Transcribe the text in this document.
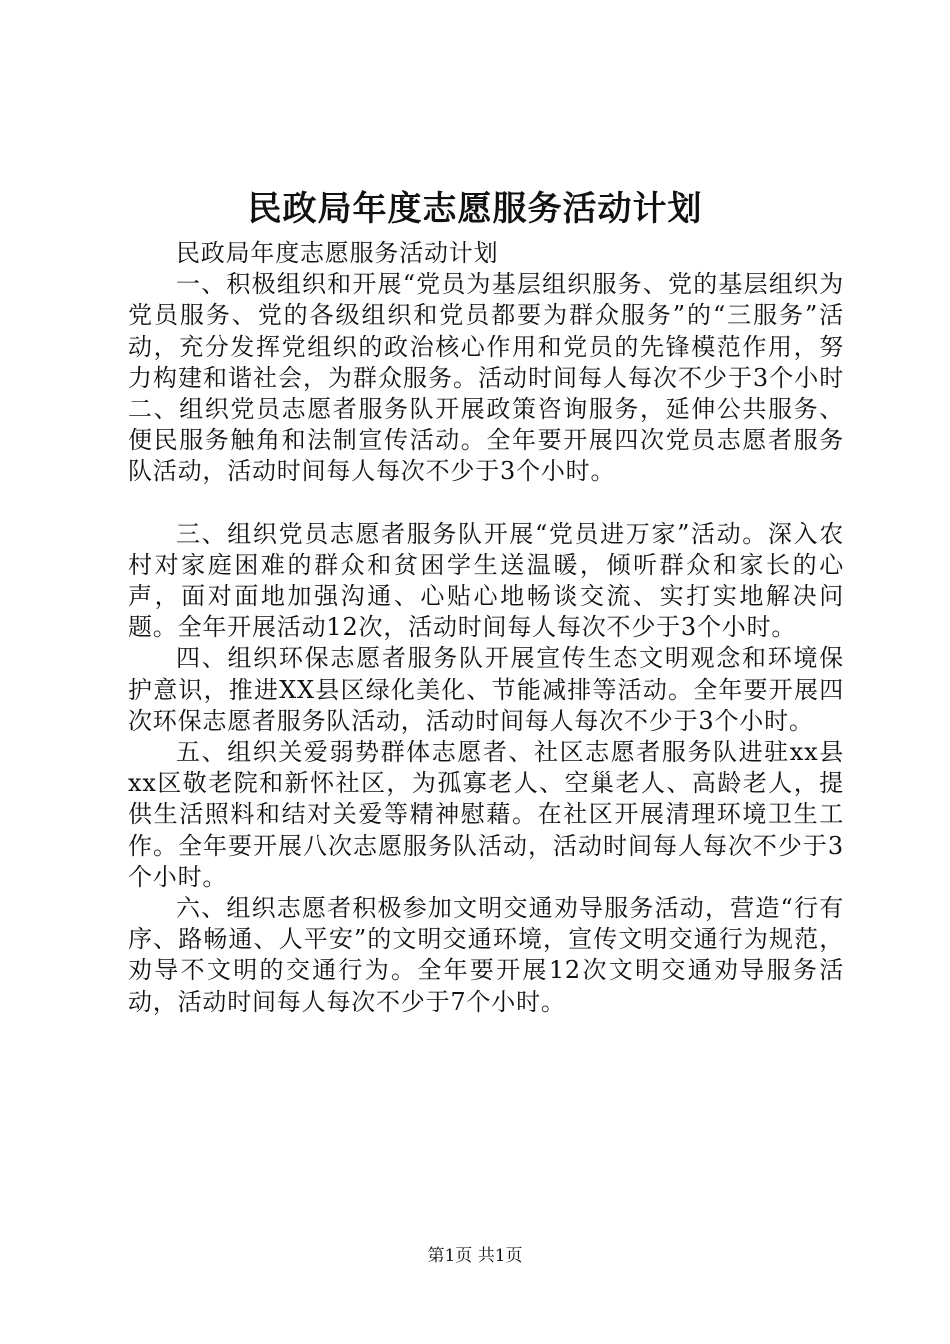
民政局年度志愿服务活动计划

民政局年度志愿服务活动计划

一、积极组织和开展“党员为基层组织服务、党的基层组织为党员服务、党的各级组织和党员都要为群众服务”的“三服务”活动，充分发挥党组织的政治核心作用和党员的先锋模范作用，努力构建和谐社会，为群众服务。活动时间每人每次不少于3个小时二、组织党员志愿者服务队开展政策咨询服务，延伸公共服务、便民服务触角和法制宣传活动。全年要开展四次党员志愿者服务队活动，活动时间每人每次不少于3个小时。

三、组织党员志愿者服务队开展“党员进万家”活动。深入农村对家庭困难的群众和贫困学生送温暖，倾听群众和家长的心声，面对面地加强沟通、心贴心地畅谈交流、实打实地解决问题。全年开展活动12次，活动时间每人每次不少于3个小时。

四、组织环保志愿者服务队开展宣传生态文明观念和环境保护意识，推进XX县区绿化美化、节能减排等活动。全年要开展四次环保志愿者服务队活动，活动时间每人每次不少于3个小时。

五、组织关爱弱势群体志愿者、社区志愿者服务队进驻xx县xx区敬老院和新怀社区，为孤寡老人、空巢老人、高龄老人，提供生活照料和结对关爱等精神慰藉。在社区开展清理环境卫生工作。全年要开展八次志愿服务队活动，活动时间每人每次不少于3个小时。

六、组织志愿者积极参加文明交通劝导服务活动，营造“行有序、路畅通、人平安”的文明交通环境，宣传文明交通行为规范，劝导不文明的交通行为。全年要开展12次文明交通劝导服务活动，活动时间每人每次不少于7个小时。

第1页 共1页
